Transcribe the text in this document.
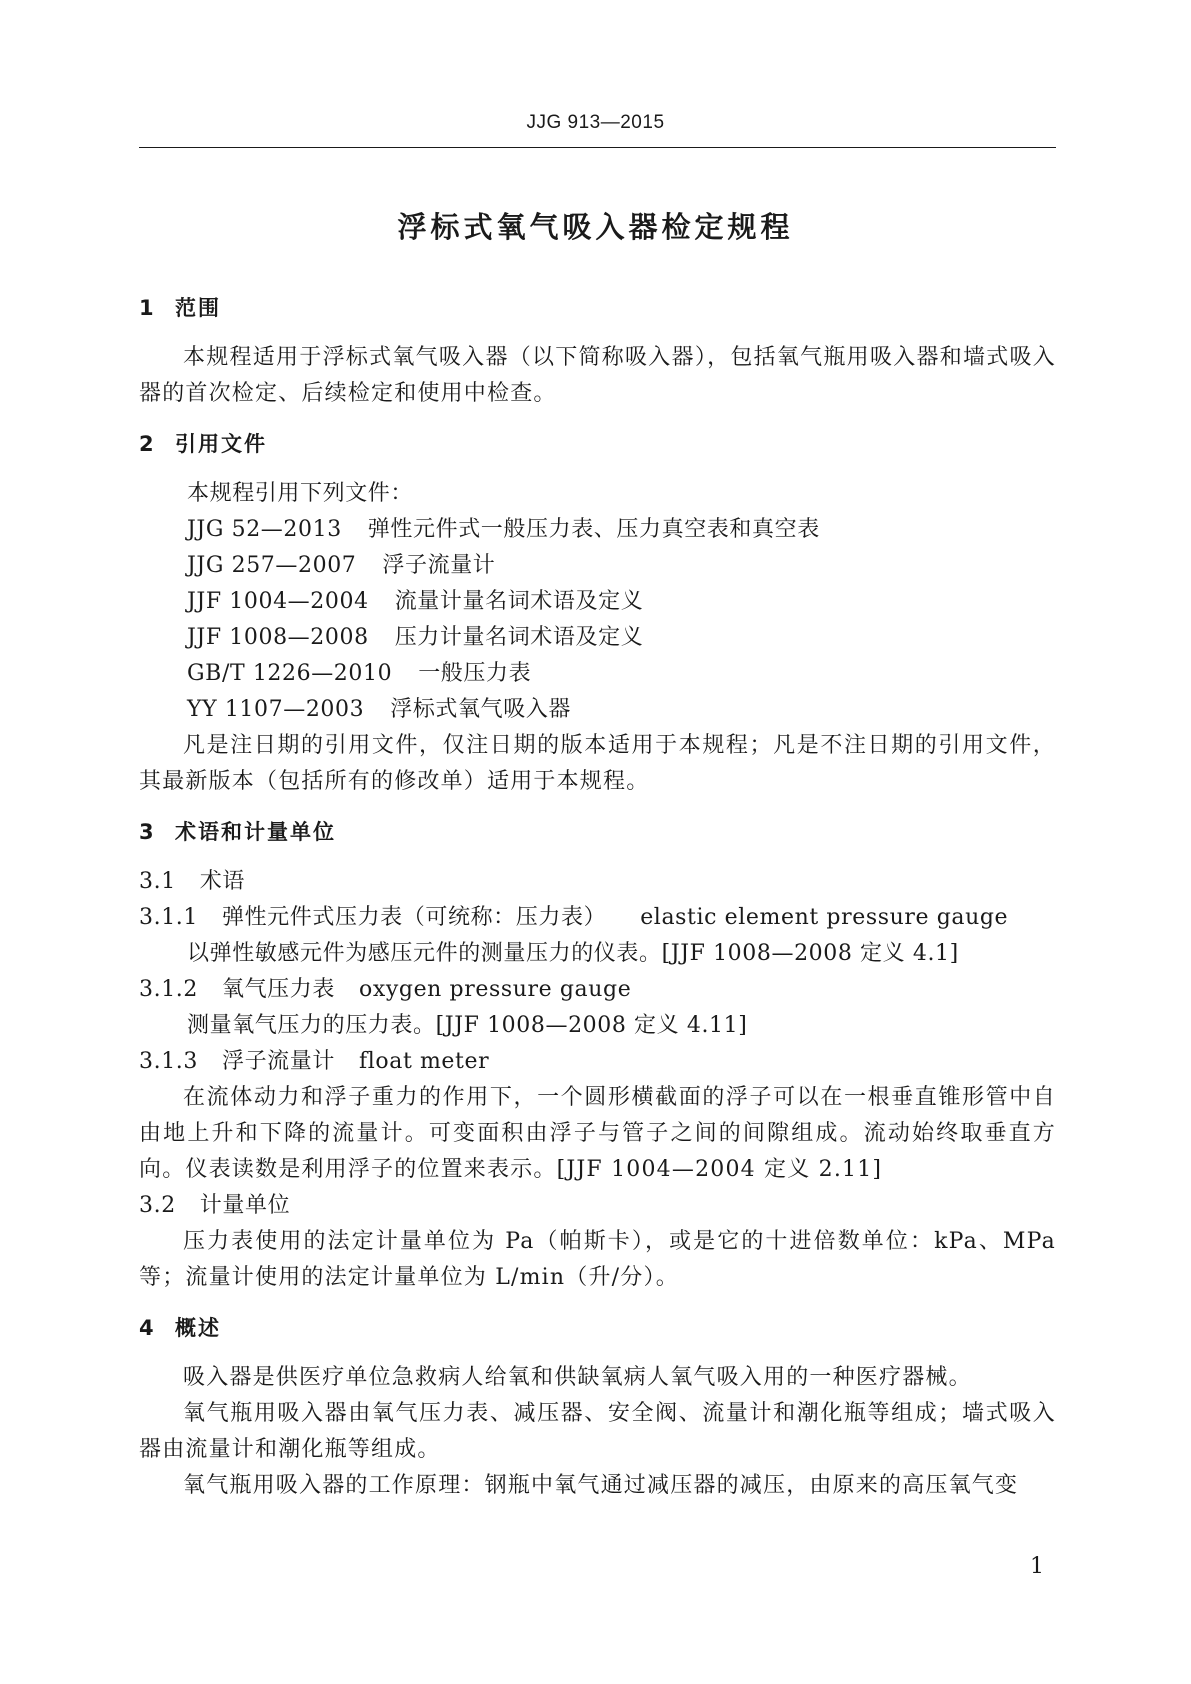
JJG 913—2015
浮标式氧气吸入器检定规程
1 范围
本规程适用于浮标式氧气吸入器（以下简称吸入器），包括氧气瓶用吸入器和墙式吸入器的首次检定、后续检定和使用中检查。
2 引用文件
本规程引用下列文件：
JJG 52—2013 弹性元件式一般压力表、压力真空表和真空表
JJG 257—2007 浮子流量计
JJF 1004—2004 流量计量名词术语及定义
JJF 1008—2008 压力计量名词术语及定义
GB/T 1226—2010 一般压力表
YY 1107—2003 浮标式氧气吸入器
凡是注日期的引用文件，仅注日期的版本适用于本规程；凡是不注日期的引用文件，其最新版本（包括所有的修改单）适用于本规程。
3 术语和计量单位
3.1 术语
3.1.1 弹性元件式压力表（可统称：压力表） elastic element pressure gauge
以弹性敏感元件为感压元件的测量压力的仪表。[JJF 1008—2008 定义 4.1]
3.1.2 氧气压力表 oxygen pressure gauge
测量氧气压力的压力表。[JJF 1008—2008 定义 4.11]
3.1.3 浮子流量计 float meter
在流体动力和浮子重力的作用下，一个圆形横截面的浮子可以在一根垂直锥形管中自由地上升和下降的流量计。可变面积由浮子与管子之间的间隙组成。流动始终取垂直方向。仪表读数是利用浮子的位置来表示。[JJF 1004—2004 定义 2.11]
3.2 计量单位
压力表使用的法定计量单位为 Pa（帕斯卡），或是它的十进倍数单位：kPa、MPa 等；流量计使用的法定计量单位为 L/min（升/分）。
4 概述
吸入器是供医疗单位急救病人给氧和供缺氧病人氧气吸入用的一种医疗器械。
氧气瓶用吸入器由氧气压力表、减压器、安全阀、流量计和潮化瓶等组成；墙式吸入器由流量计和潮化瓶等组成。
氧气瓶用吸入器的工作原理：钢瓶中氧气通过减压器的减压，由原来的高压氧气变
1
